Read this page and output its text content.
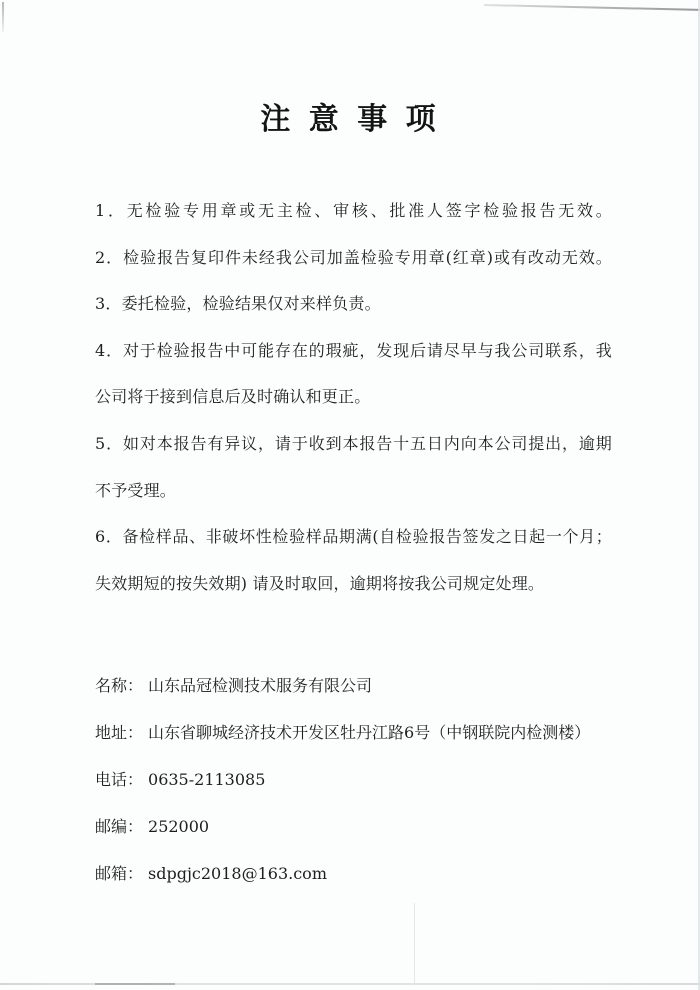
注 意 事 项
1．无检验专用章或无主检、审核、批准人签字检验报告无效。
2．检验报告复印件未经我公司加盖检验专用章(红章)或有改动无效。
3．委托检验，检验结果仅对来样负责。
4．对于检验报告中可能存在的瑕疵，发现后请尽早与我公司联系，我
公司将于接到信息后及时确认和更正。
5．如对本报告有异议，请于收到本报告十五日内向本公司提出，逾期
不予受理。
6．备检样品、非破坏性检验样品期满(自检验报告签发之日起一个月；
失效期短的按失效期) 请及时取回，逾期将按我公司规定处理。
名称： 山东品冠检测技术服务有限公司
地址： 山东省聊城经济技术开发区牡丹江路6号（中钢联院内检测楼）
电话： 0635-2113085
邮编： 252000
邮箱： sdpgjc2018@163.com
